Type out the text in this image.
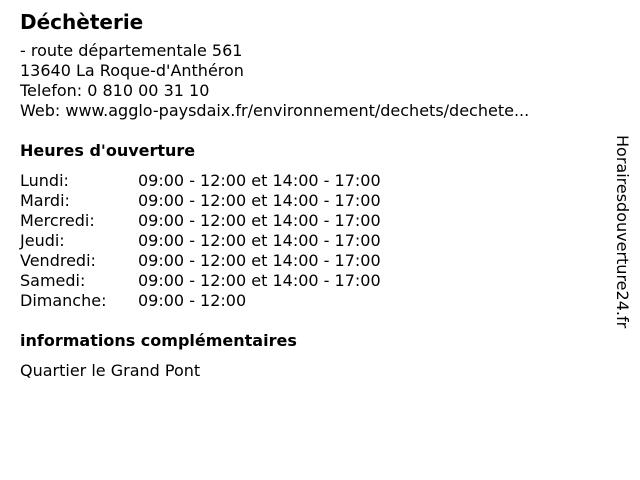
Déchèterie
- route départementale 561
13640 La Roque-d'Anthéron
Telefon: 0 810 00 31 10
Web: www.agglo-paysdaix.fr/environnement/dechets/dechete...
Heures d'ouverture
Lundi:	09:00 - 12:00 et 14:00 - 17:00
Mardi:	09:00 - 12:00 et 14:00 - 17:00
Mercredi:	09:00 - 12:00 et 14:00 - 17:00
Jeudi:	09:00 - 12:00 et 14:00 - 17:00
Vendredi:	09:00 - 12:00 et 14:00 - 17:00
Samedi:	09:00 - 12:00 et 14:00 - 17:00
Dimanche:	09:00 - 12:00
informations complémentaires
Quartier le Grand Pont
Horairesdouverture24.fr
